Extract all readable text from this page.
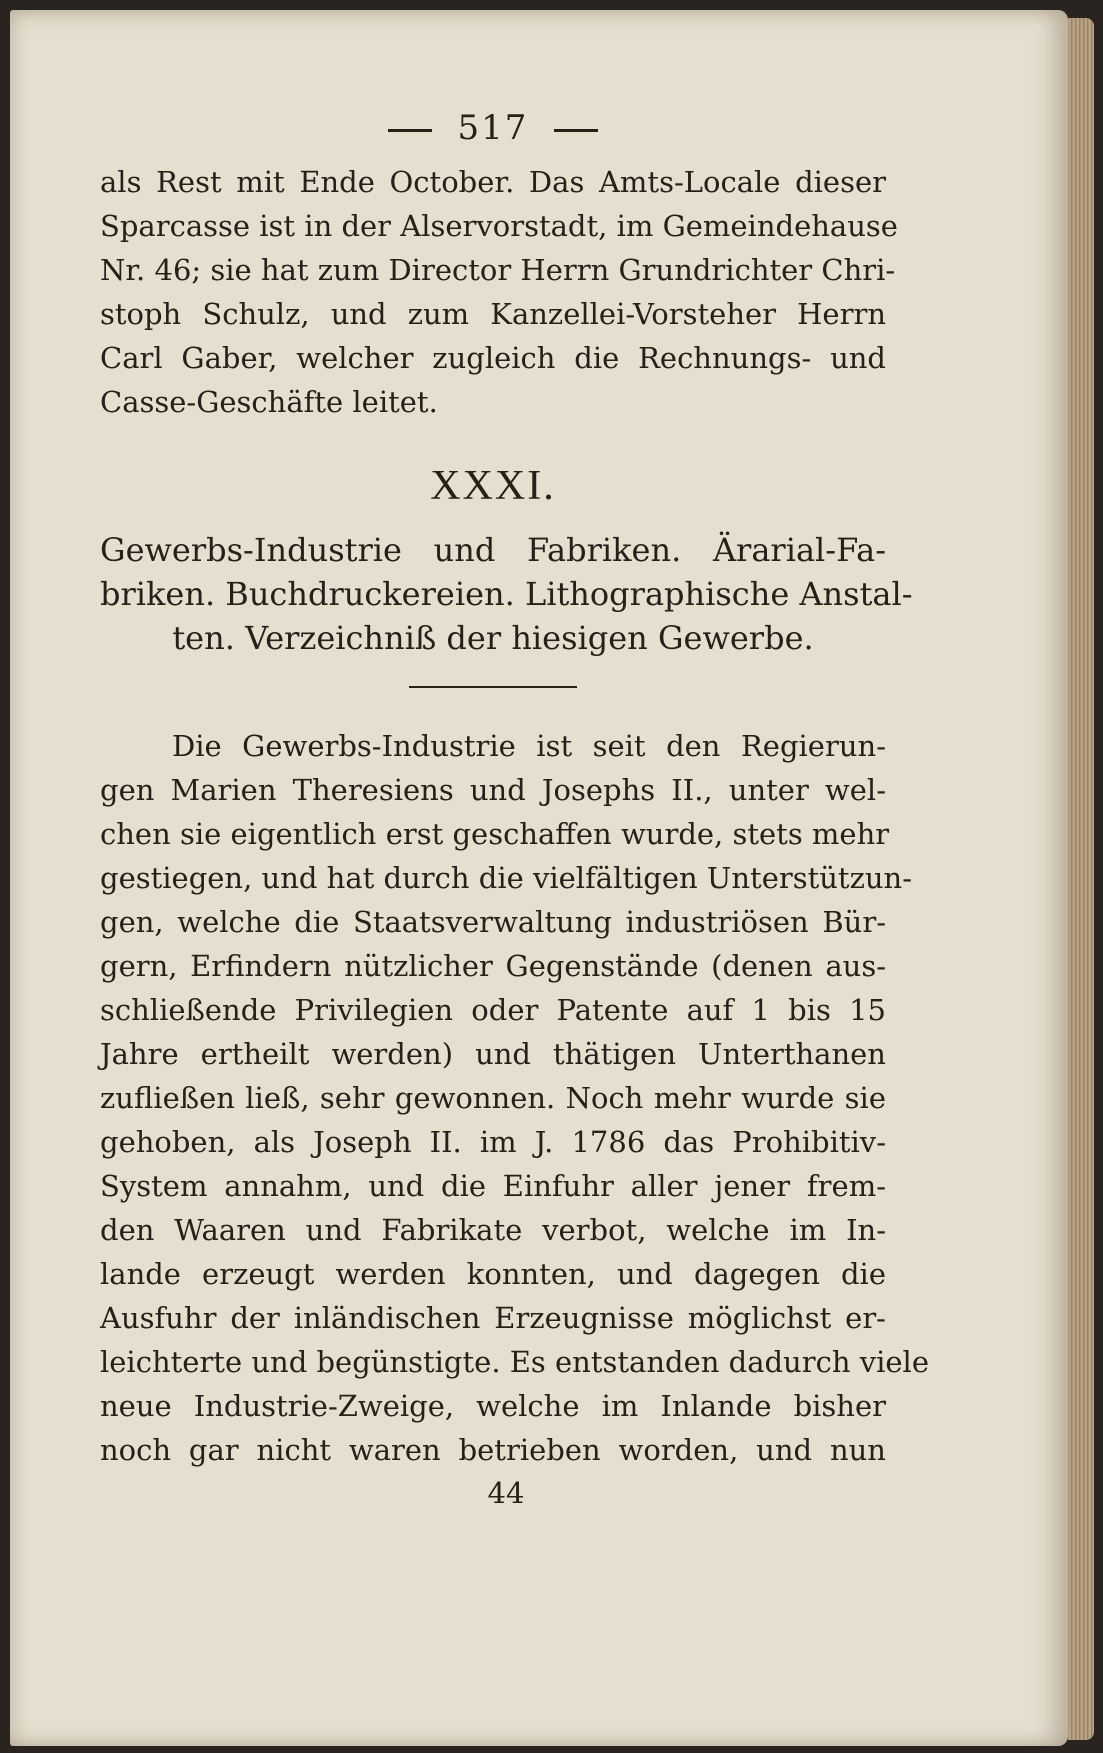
517
als Rest mit Ende October. Das Amts-Locale dieser
Sparcasse ist in der Alservorstadt, im Gemeindehause
Nr. 46; sie hat zum Director Herrn Grundrichter Chri-
stoph Schulz, und zum Kanzellei-Vorsteher Herrn
Carl Gaber, welcher zugleich die Rechnungs- und
Casse-Geschäfte leitet.
XXXI.
Gewerbs-Industrie und Fabriken. Ärarial-Fa-
briken. Buchdruckereien. Lithographische Anstal-
ten. Verzeichniß der hiesigen Gewerbe.
Die Gewerbs-Industrie ist seit den Regierun-
gen Marien Theresiens und Josephs II., unter wel-
chen sie eigentlich erst geschaffen wurde, stets mehr
gestiegen, und hat durch die vielfältigen Unterstützun-
gen, welche die Staatsverwaltung industriösen Bür-
gern, Erfindern nützlicher Gegenstände (denen aus-
schließende Privilegien oder Patente auf 1 bis 15
Jahre ertheilt werden) und thätigen Unterthanen
zufließen ließ, sehr gewonnen. Noch mehr wurde sie
gehoben, als Joseph II. im J. 1786 das Prohibitiv-
System annahm, und die Einfuhr aller jener frem-
den Waaren und Fabrikate verbot, welche im In-
lande erzeugt werden konnten, und dagegen die
Ausfuhr der inländischen Erzeugnisse möglichst er-
leichterte und begünstigte. Es entstanden dadurch viele
neue Industrie-Zweige, welche im Inlande bisher
noch gar nicht waren betrieben worden, und nun
44
